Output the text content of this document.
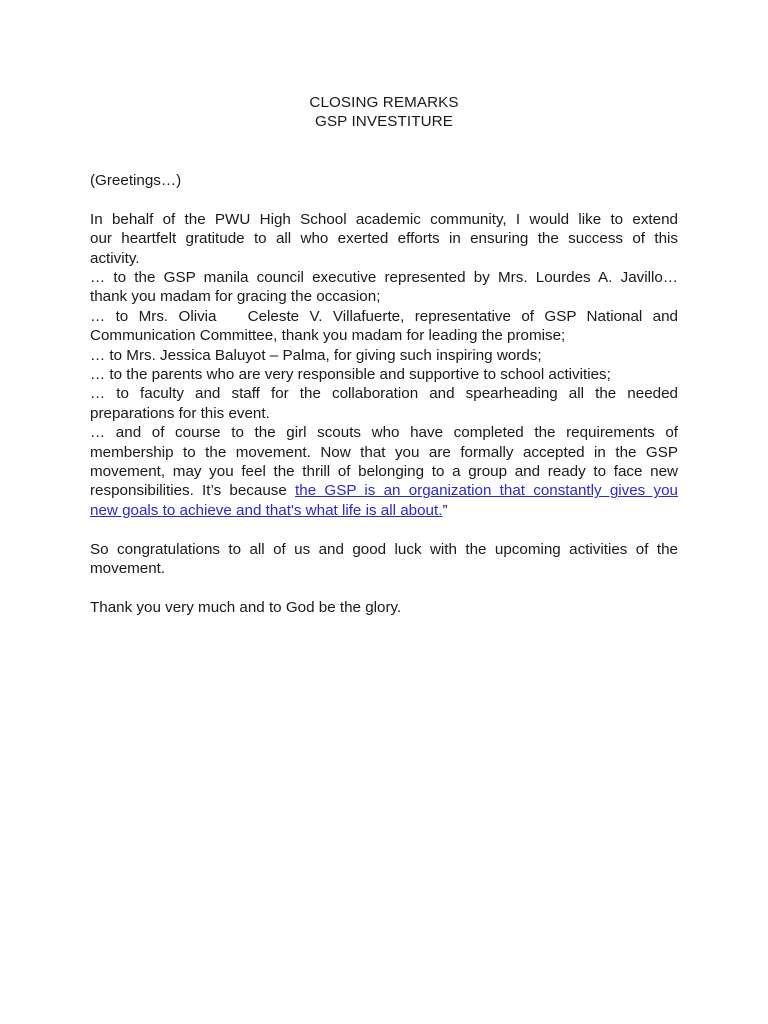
CLOSING REMARKS
GSP INVESTITURE
(Greetings…)
In behalf of the PWU High School academic community, I would like to extend
our heartfelt gratitude to all who exerted efforts in ensuring the success of this
activity.
… to the GSP manila council executive represented by Mrs. Lourdes A. Javillo…
thank you madam for gracing the occasion;
… to Mrs. Olivia   Celeste V. Villafuerte, representative of GSP National and
Communication Committee, thank you madam for leading the promise;
… to Mrs. Jessica Baluyot – Palma, for giving such inspiring words;
… to the parents who are very responsible and supportive to school activities;
… to faculty and staff for the collaboration and spearheading all the needed
preparations for this event.
… and of course to the girl scouts who have completed the requirements of
membership to the movement. Now that you are formally accepted in the GSP
movement, may you feel the thrill of belonging to a group and ready to face new
responsibilities. It’s because the GSP is an organization that constantly gives you
new goals to achieve and that's what life is all about.”
So congratulations to all of us and good luck with the upcoming activities of the
movement.
Thank you very much and to God be the glory.
